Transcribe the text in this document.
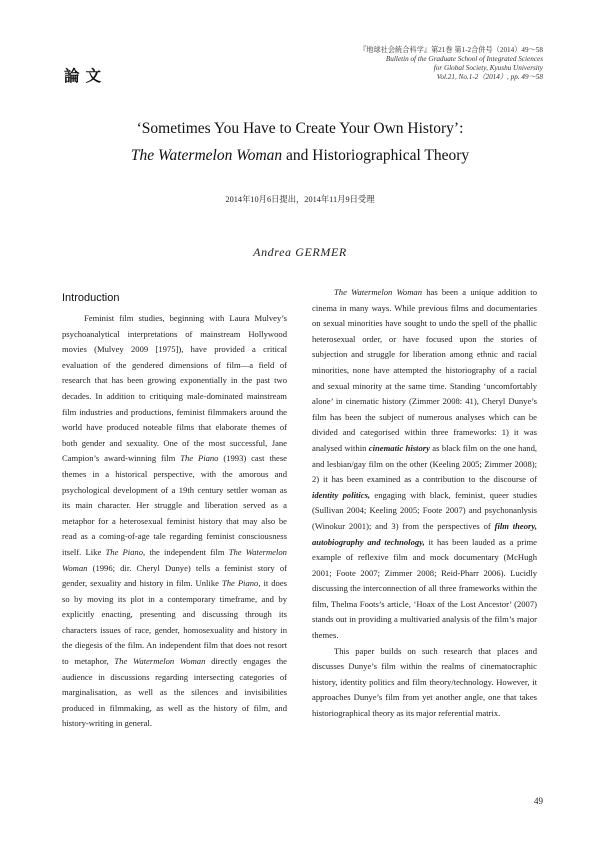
『地球社会統合科学』第21巻 第1-2合併号（2014）49～58
Bulletin of the Graduate School of Integrated Sciences
for Global Society, Kyushu University
Vol.21, No.1-2（2014）, pp. 49～58
論文
‘Sometimes You Have to Create Your Own History’:
The Watermelon Woman and Historiographical Theory
2014年10月6日提出，2014年11月9日受理
Andrea GERMER
Introduction

Feminist film studies, beginning with Laura Mulvey’s psychoanalytical interpretations of mainstream Hollywood movies (Mulvey 2009 [1975]), have provided a critical evaluation of the gendered dimensions of film—a field of research that has been growing exponentially in the past two decades. In addition to critiquing male-dominated mainstream film industries and productions, feminist filmmakers around the world have produced noteable films that elaborate themes of both gender and sexuality. One of the most successful, Jane Campion’s award-winning film The Piano (1993) cast these themes in a historical perspective, with the amorous and psychological development of a 19th century settler woman as its main character. Her struggle and liberation served as a metaphor for a heterosexual feminist history that may also be read as a coming-of-age tale regarding feminist consciousness itself. Like The Piano, the independent film The Watermelon Woman (1996; dir. Cheryl Dunye) tells a feminist story of gender, sexuality and history in film. Unlike The Piano, it does so by moving its plot in a contemporary timeframe, and by explicitly enacting, presenting and discussing through its characters issues of race, gender, homosexuality and history in the diegesis of the film. An independent film that does not resort to metaphor, The Watermelon Woman directly engages the audience in discussions regarding intersecting categories of marginalisation, as well as the silences and invisibilities produced in filmmaking, as well as the history of film, and history-writing in general.

The Watermelon Woman has been a unique addition to cinema in many ways. While previous films and documentaries on sexual minorities have sought to undo the spell of the phallic heterosexual order, or have focused upon the stories of subjection and struggle for liberation among ethnic and racial minorities, none have attempted the historiography of a racial and sexual minority at the same time. Standing ‘uncomfortably alone’ in cinematic history (Zimmer 2008: 41), Cheryl Dunye’s film has been the subject of numerous analyses which can be divided and categorised within three frameworks: 1) it was analysed within cinematic history as black film on the one hand, and lesbian/gay film on the other (Keeling 2005; Zimmer 2008); 2) it has been examined as a contribution to the discourse of identity politics, engaging with black, feminist, queer studies (Sullivan 2004; Keeling 2005; Foote 2007) and psychonanlysis (Winokur 2001); and 3) from the perspectives of film theory, autobiography and technology, it has been lauded as a prime example of reflexive film and mock documentary (McHugh 2001; Foote 2007; Zimmer 2008; Reid-Pharr 2006). Lucidly discussing the interconnection of all three frameworks within the film, Thelma Foots’s article, ‘Hoax of the Lost Ancestor’ (2007) stands out in providing a multivaried analysis of the film’s major themes.

This paper builds on such research that places and discusses Dunye’s film within the realms of cinematocraphic history, identity politics and film theory/technology. However, it approaches Dunye’s film from yet another angle, one that takes historiographical theory as its major referential matrix.

49
